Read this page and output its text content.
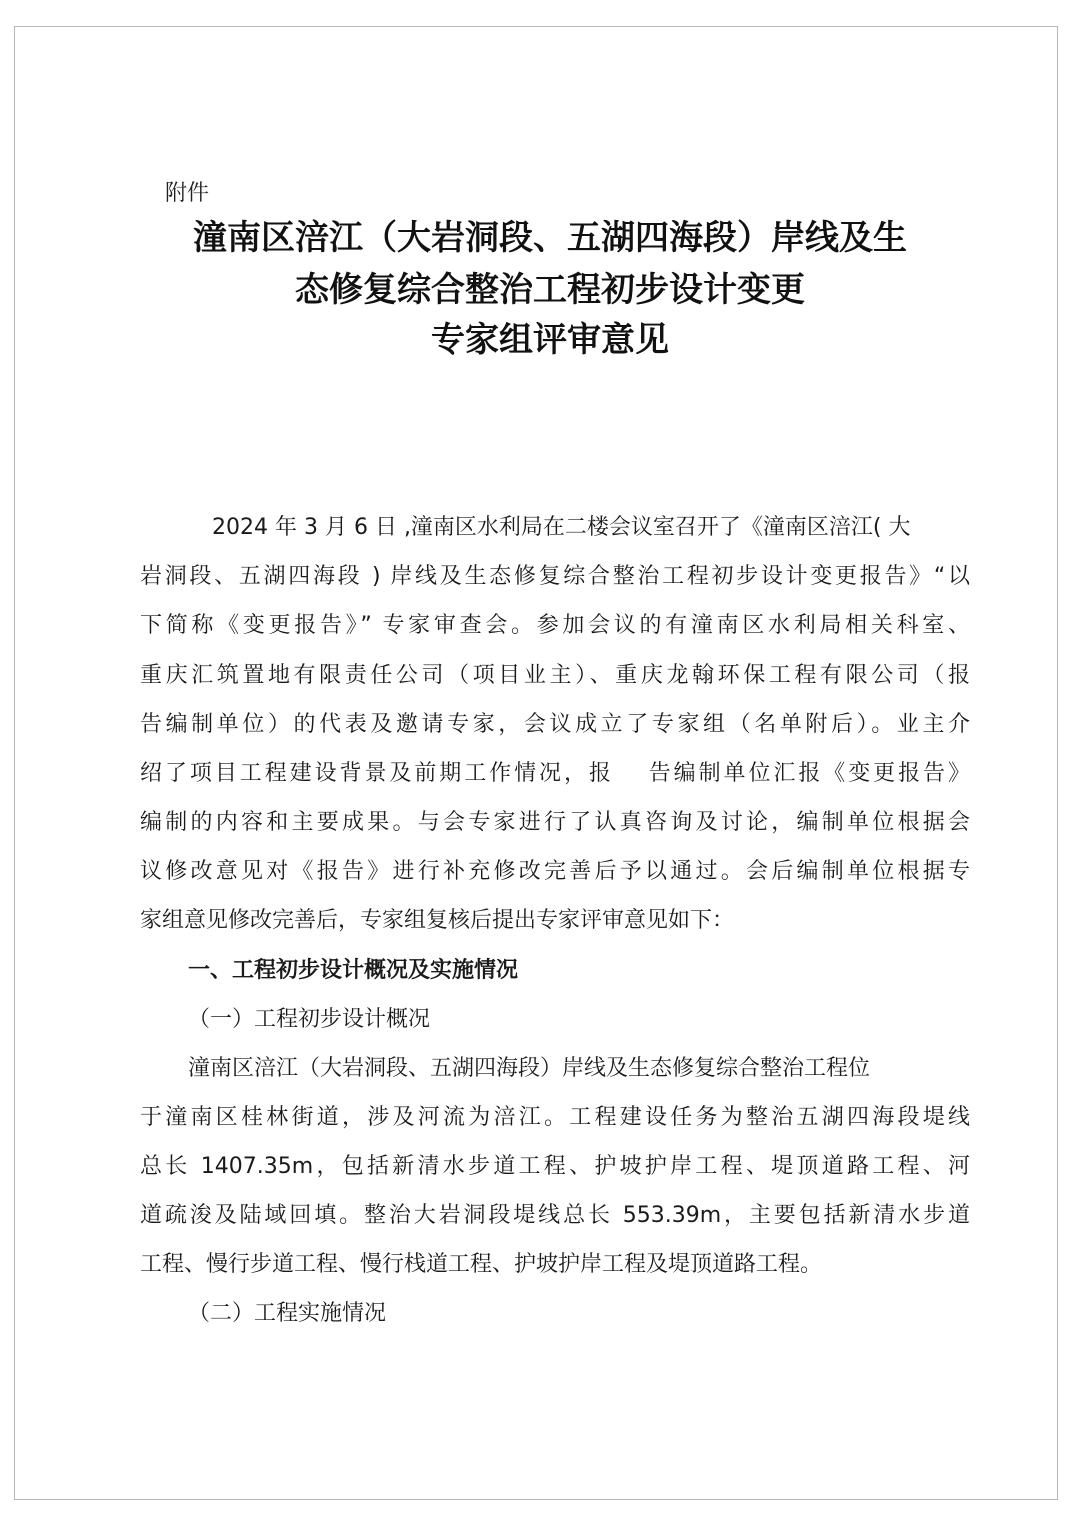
附件
潼南区涪江（大岩洞段、五湖四海段）岸线及生
态修复综合整治工程初步设计变更
专家组评审意见
2024 年 3 月 6 日 ,潼南区水利局在二楼会议室召开了《潼南区涪江( 大
岩洞段、五湖四海段 ) 岸线及生态修复综合整治工程初步设计变更报告》“以
下简称《变更报告》” 专家审查会。参加会议的有潼南区水利局相关科室、
重庆汇筑置地有限责任公司（项目业主）、重庆龙翰环保工程有限公司（报
告编制单位）的代表及邀请专家，会议成立了专家组（名单附后）。业主介
绍了项目工程建设背景及前期工作情况，报　 告编制单位汇报《变更报告》
编制的内容和主要成果。与会专家进行了认真咨询及讨论，编制单位根据会
议修改意见对《报告》进行补充修改完善后予以通过。会后编制单位根据专
家组意见修改完善后，专家组复核后提出专家评审意见如下：
一、工程初步设计概况及实施情况
（一）工程初步设计概况
潼南区涪江（大岩洞段、五湖四海段）岸线及生态修复综合整治工程位
于潼南区桂林街道，涉及河流为涪江。工程建设任务为整治五湖四海段堤线
总长 1407.35m，包括新清水步道工程、护坡护岸工程、堤顶道路工程、河
道疏浚及陆域回填。整治大岩洞段堤线总长 553.39m，主要包括新清水步道
工程、慢行步道工程、慢行栈道工程、护坡护岸工程及堤顶道路工程。
（二）工程实施情况
